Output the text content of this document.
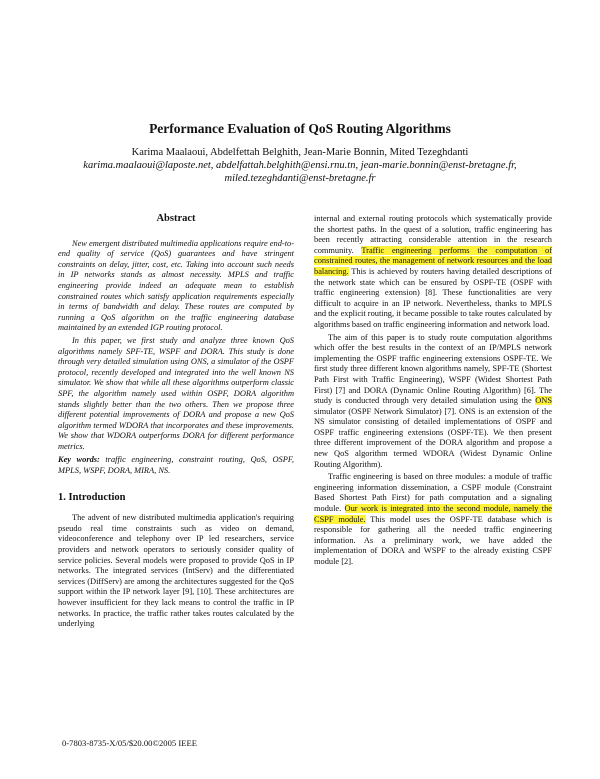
Performance Evaluation of QoS Routing Algorithms
Karima Maalaoui, Abdelfettah Belghith, Jean-Marie Bonnin, Mited Tezeghdanti
karima.maalaoui@laposte.net, abdelfattah.belghith@ensi.rnu.tn, jean-marie.bonnin@enst-bretagne.fr,
miled.tezeghdanti@enst-bretagne.fr
Abstract

New emergent distributed multimedia applications require end-to-end quality of service (QoS) guarantees and have stringent constraints on delay, jitter, cost, etc. Taking into account such needs in IP networks stands as almost necessity. MPLS and traffic engineering provide indeed an adequate mean to establish constrained routes which satisfy application requirements especially in terms of bandwidth and delay. These routes are computed by running a QoS algorithm on the traffic engineering database maintained by an extended IGP routing protocol.

In this paper, we first study and analyze three known QoS algorithms namely SPF-TE, WSPF and DORA. This study is done through very detailed simulation using ONS, a simulator of the OSPF protocol, recently developed and integrated into the well known NS simulator. We show that while all these algorithms outperform classic SPF, the algorithm namely used within OSPF, DORA algorithm stands slightly better than the two others. Then we propose three different potential improvements of DORA and propose a new QoS algorithm termed WDORA that incorporates and these improvements. We show that WDORA outperforms DORA for different performance metrics.

Key words: traffic engineering, constraint routing, QoS, OSPF, MPLS, WSPF, DORA, MIRA, NS.

1. Introduction

The advent of new distributed multimedia application's requiring pseudo real time constraints such as video on demand, videoconference and telephony over IP led researchers, service providers and network operators to seriously consider quality of service policies. Several models were proposed to provide QoS in IP networks. The integrated services (IntServ) and the differentiated services (DiffServ) are among the architectures suggested for the QoS support within the IP network layer [9], [10]. These architectures are however insufficient for they lack means to control the traffic in IP networks. In practice, the traffic rather takes routes calculated by the underlying

internal and external routing protocols which systematically provide the shortest paths. In the quest of a solution, traffic engineering has been recently attracting considerable attention in the research community. Traffic engineering performs the computation of constrained routes, the management of network resources and the load balancing. This is achieved by routers having detailed descriptions of the network state which can be ensured by OSPF-TE (OSPF with traffic engineering extension) [8]. These functionalities are very difficult to acquire in an IP network. Nevertheless, thanks to MPLS and the explicit routing, it became possible to take routes calculated by algorithms based on traffic engineering information and network load.

The aim of this paper is to study route computation algorithms which offer the best results in the context of an IP/MPLS network implementing the OSPF traffic engineering extensions OSPF-TE. We first study three different known algorithms namely, SPF-TE (Shortest Path First with Traffic Engineering), WSPF (Widest Shortest Path First) [7] and DORA (Dynamic Online Routing Algorithm) [6]. The study is conducted through very detailed simulation using the ONS simulator (OSPF Network Simulator) [7]. ONS is an extension of the NS simulator consisting of detailed implementations of OSPF and OSPF traffic engineering extensions (OSPF-TE). We then present three different improvement of the DORA algorithm and propose a new QoS algorithm termed WDORA (Widest Dynamic Online Routing Algorithm).

Traffic engineering is based on three modules: a module of traffic engineering information dissemination, a CSPF module (Constraint Based Shortest Path First) for path computation and a signaling module. Our work is integrated into the second module, namely the CSPF module. This model uses the OSPF-TE database which is responsible for gathering all the needed traffic engineering information. As a preliminary work, we have added the implementation of DORA and WSPF to the already existing CSPF module [2].

0-7803-8735-X/05/$20.00©2005 IEEE
